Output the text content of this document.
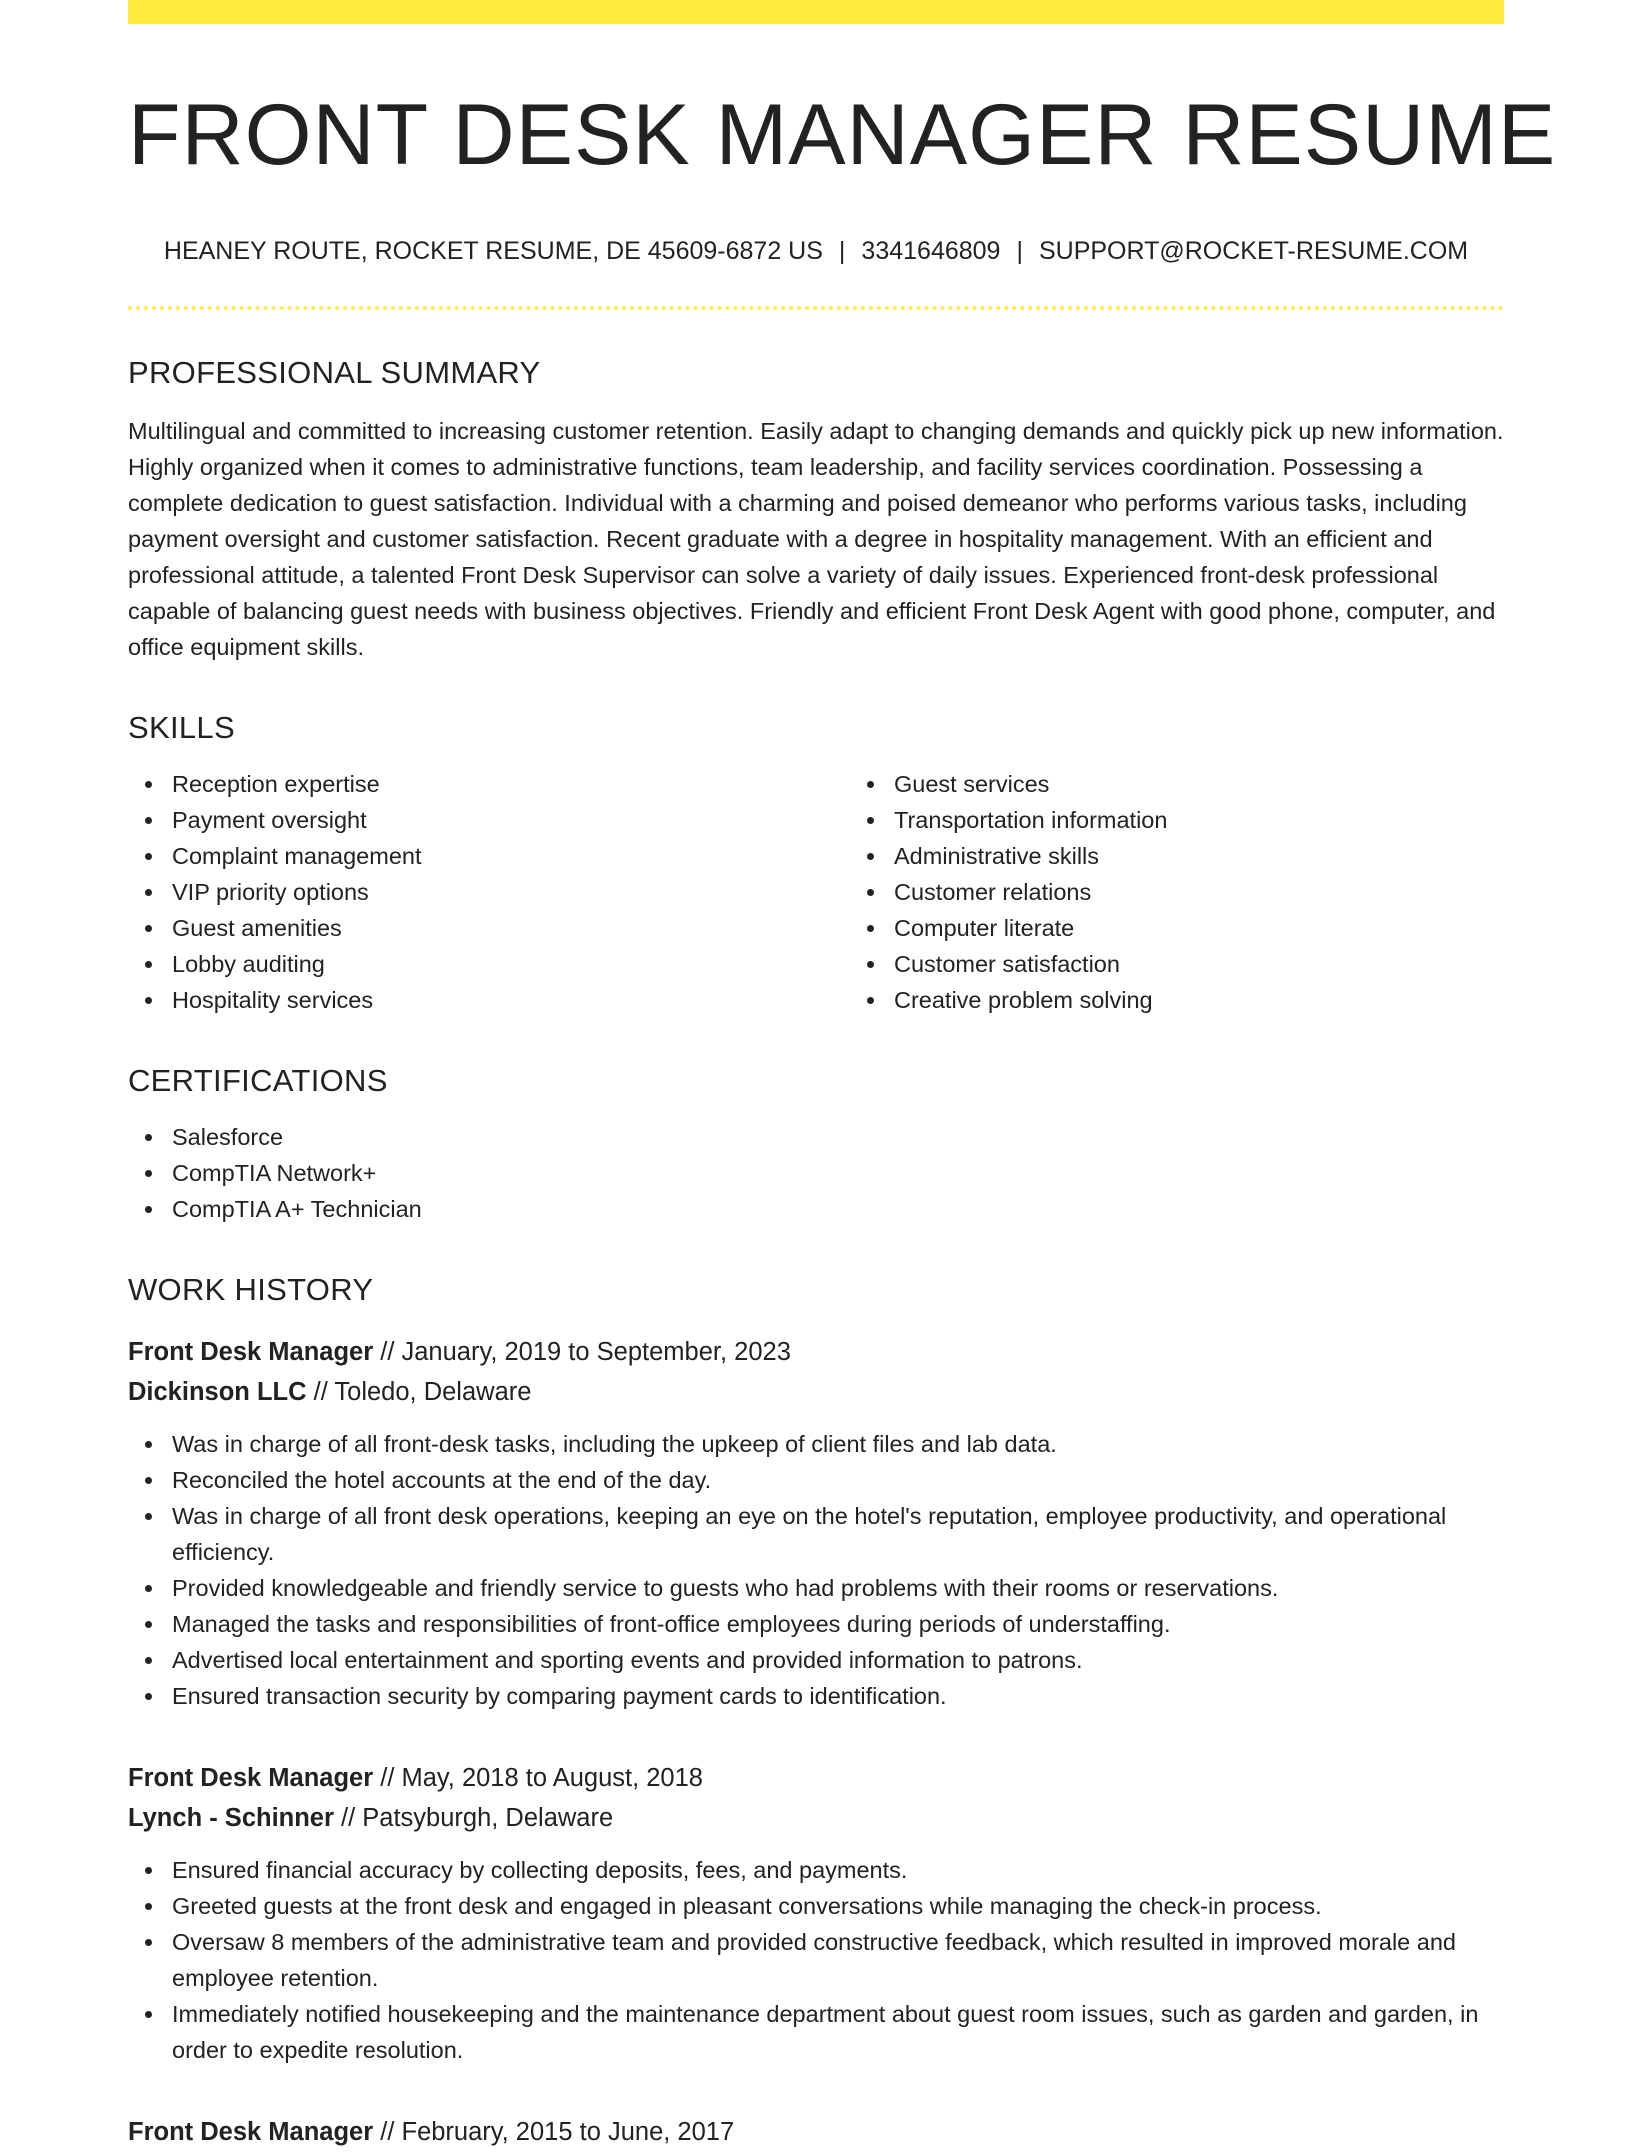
FRONT DESK MANAGER RESUME
HEANEY ROUTE, ROCKET RESUME, DE 45609-6872 US | 3341646809 | SUPPORT@ROCKET-RESUME.COM
PROFESSIONAL SUMMARY

Multilingual and committed to increasing customer retention. Easily adapt to changing demands and quickly pick up new information. Highly organized when it comes to administrative functions, team leadership, and facility services coordination. Possessing a complete dedication to guest satisfaction. Individual with a charming and poised demeanor who performs various tasks, including payment oversight and customer satisfaction. Recent graduate with a degree in hospitality management. With an efficient and professional attitude, a talented Front Desk Supervisor can solve a variety of daily issues. Experienced front-desk professional capable of balancing guest needs with business objectives. Friendly and efficient Front Desk Agent with good phone, computer, and office equipment skills.

SKILLS
Reception expertise
Payment oversight
Complaint management
VIP priority options
Guest amenities
Lobby auditing
Hospitality services
Guest services
Transportation information
Administrative skills
Customer relations
Computer literate
Customer satisfaction
Creative problem solving
CERTIFICATIONS
Salesforce
CompTIA Network+
CompTIA A+ Technician
WORK HISTORY
Front Desk Manager // January, 2019 to September, 2023
Dickinson LLC // Toledo, Delaware
Was in charge of all front-desk tasks, including the upkeep of client files and lab data.
Reconciled the hotel accounts at the end of the day.
Was in charge of all front desk operations, keeping an eye on the hotel's reputation, employee productivity, and operational efficiency.
Provided knowledgeable and friendly service to guests who had problems with their rooms or reservations.
Managed the tasks and responsibilities of front-office employees during periods of understaffing.
Advertised local entertainment and sporting events and provided information to patrons.
Ensured transaction security by comparing payment cards to identification.
Front Desk Manager // May, 2018 to August, 2018
Lynch - Schinner // Patsyburgh, Delaware
Ensured financial accuracy by collecting deposits, fees, and payments.
Greeted guests at the front desk and engaged in pleasant conversations while managing the check-in process.
Oversaw 8 members of the administrative team and provided constructive feedback, which resulted in improved morale and employee retention.
Immediately notified housekeeping and the maintenance department about guest room issues, such as garden and garden, in order to expedite resolution.
Front Desk Manager // February, 2015 to June, 2017
